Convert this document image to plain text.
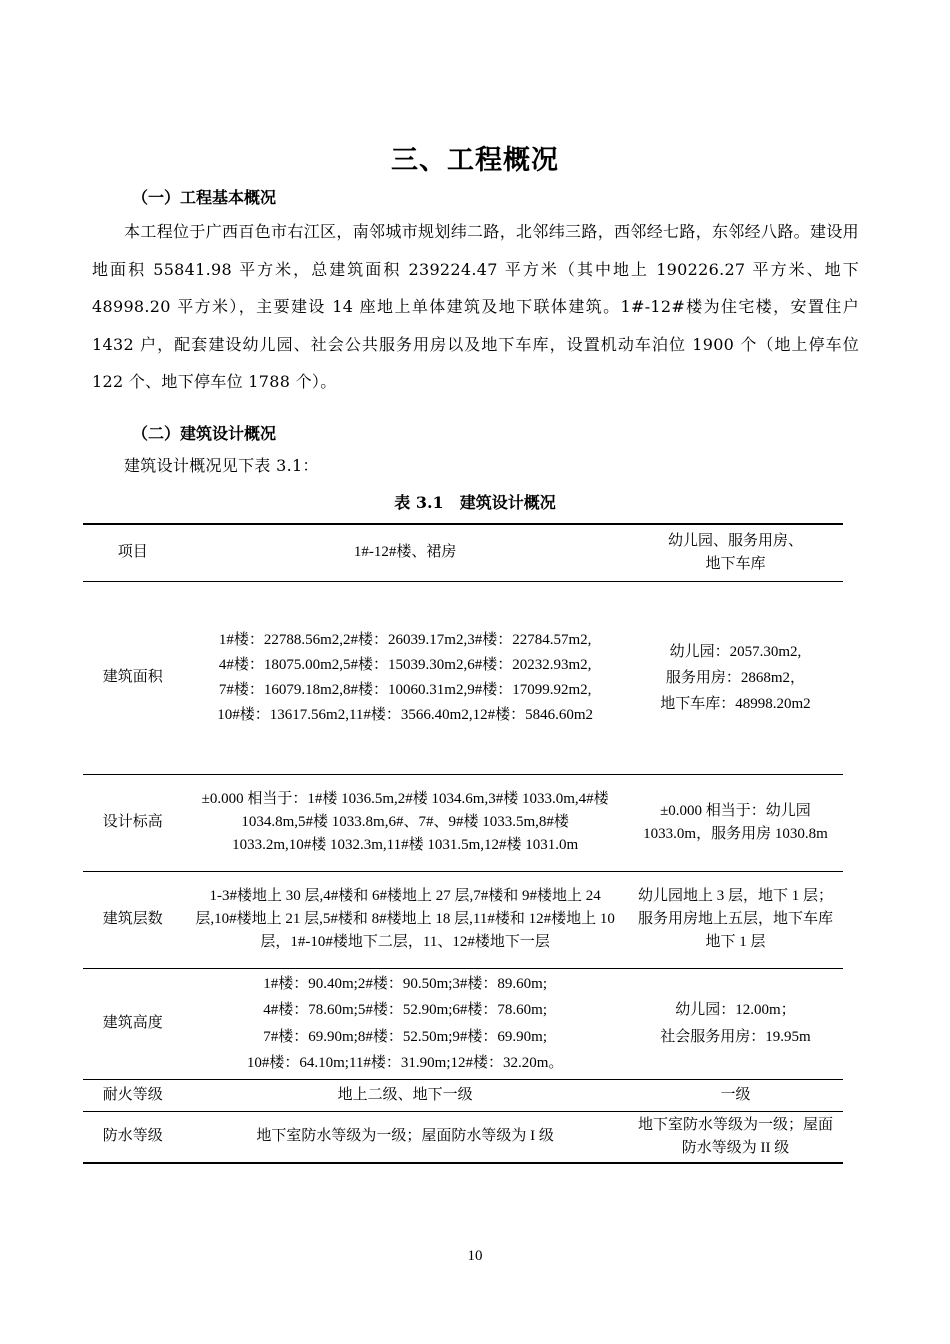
三、工程概况
（一）工程基本概况
本工程位于广西百色市右江区，南邻城市规划纬二路，北邻纬三路，西邻经七路，东邻经八路。建设用地面积 55841.98 平方米，总建筑面积 239224.47 平方米（其中地上 190226.27 平方米、地下 48998.20 平方米），主要建设 14 座地上单体建筑及地下联体建筑。1#-12#楼为住宅楼，安置住户 1432 户，配套建设幼儿园、社会公共服务用房以及地下车库，设置机动车泊位 1900 个（地上停车位 122 个、地下停车位 1788 个）。
（二）建筑设计概况
建筑设计概况见下表 3.1：
表 3.1　建筑设计概况
项目	1#-12#楼、裙房	幼儿园、服务用房、
地下车库

建筑面积	1#楼：22788.56m2,2#楼：26039.17m2,3#楼：22784.57m2,
4#楼：18075.00m2,5#楼：15039.30m2,6#楼：20232.93m2,
7#楼：16079.18m2,8#楼：10060.31m2,9#楼：17099.92m2,
10#楼：13617.56m2,11#楼：3566.40m2,12#楼：5846.60m2	幼儿园：2057.30m2,
服务用房：2868m2，
地下车库：48998.20m2

设计标高	±0.000 相当于：1#楼 1036.5m,2#楼 1034.6m,3#楼 1033.0m,4#楼 1034.8m,5#楼 1033.8m,6#、7#、9#楼 1033.5m,8#楼 1033.2m,10#楼 1032.3m,11#楼 1031.5m,12#楼 1031.0m	±0.000 相当于：幼儿园 1033.0m，服务用房 1030.8m
建筑层数	1-3#楼地上 30 层,4#楼和 6#楼地上 27 层,7#楼和 9#楼地上 24 层,10#楼地上 21 层,5#楼和 8#楼地上 18 层,11#楼和 12#楼地上 10 层，1#-10#楼地下二层，11、12#楼地下一层	幼儿园地上 3 层，地下 1 层；服务用房地上五层，地下车库地下 1 层
建筑高度	1#楼：90.40m;2#楼：90.50m;3#楼：89.60m;
4#楼：78.60m;5#楼：52.90m;6#楼：78.60m;
7#楼：69.90m;8#楼：52.50m;9#楼：69.90m;
10#楼：64.10m;11#楼：31.90m;12#楼：32.20m。	幼儿园：12.00m；
社会服务用房：19.95m

耐火等级	地上二级、地下一级	一级
防水等级	地下室防水等级为一级；屋面防水等级为 I 级	地下室防水等级为一级；屋面防水等级为 II 级
10
